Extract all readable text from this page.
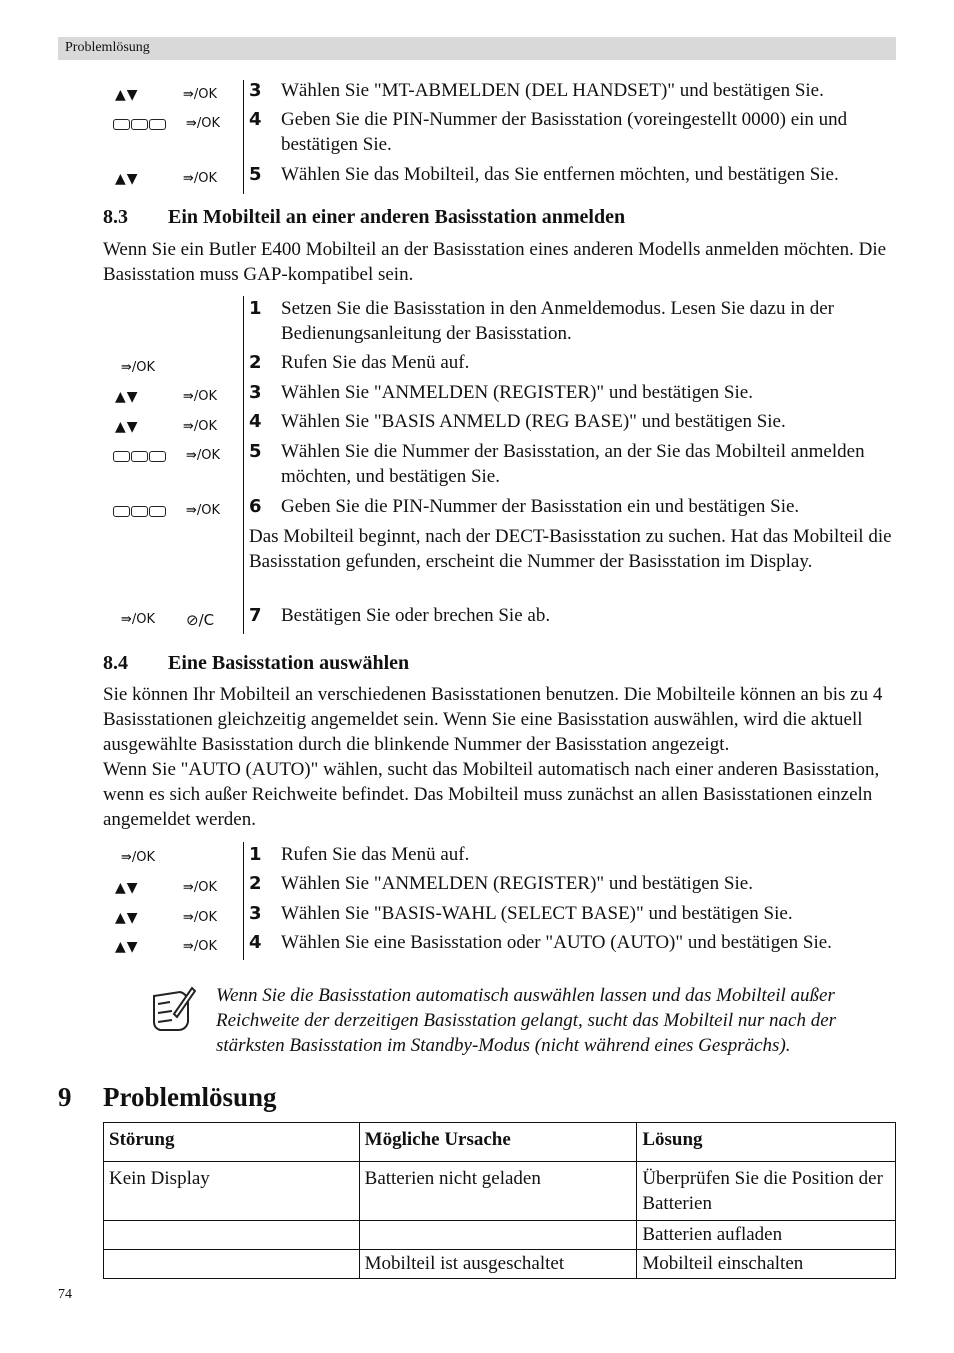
Problemlösung
▲▼	⇛/OK 3 Wählen Sie "MT-ABMELDEN (DEL HANDSET)" und bestätigen Sie.
⇛/OK 4 Geben Sie die PIN-Nummer der Basisstation (voreingestellt 0000) ein und bestätigen Sie.
▲▼	⇛/OK 5 Wählen Sie das Mobilteil, das Sie entfernen möchten, und bestätigen Sie.
8.3 Ein Mobilteil an einer anderen Basisstation anmelden
Wenn Sie ein Butler E400 Mobilteil an der Basisstation eines anderen Modells anmelden möchten. Die Basisstation muss GAP-kompatibel sein.
1 Setzen Sie die Basisstation in den Anmeldemodus. Lesen Sie dazu in der Bedienungsanleitung der Basisstation.
⇛/OK	2 Rufen Sie das Menü auf.
▲▼	⇛/OK 3 Wählen Sie "ANMELDEN (REGISTER)" und bestätigen Sie.
▲▼	⇛/OK 4 Wählen Sie "BASIS ANMELD (REG BASE)" und bestätigen Sie.
⇛/OK 5 Wählen Sie die Nummer der Basisstation, an der Sie das Mobilteil anmelden möchten, und bestätigen Sie.
⇛/OK 6 Geben Sie die PIN-Nummer der Basisstation ein und bestätigen Sie.
Das Mobilteil beginnt, nach der DECT-Basisstation zu suchen. Hat das Mobilteil die Basisstation gefunden, erscheint die Nummer der Basisstation im Display.
⇛/OK ⊘/C 7 Bestätigen Sie oder brechen Sie ab.
8.4 Eine Basisstation auswählen
Sie können Ihr Mobilteil an verschiedenen Basisstationen benutzen. Die Mobilteile können an bis zu 4 Basisstationen gleichzeitig angemeldet sein. Wenn Sie eine Basisstation auswählen, wird die aktuell ausgewählte Basisstation durch die blinkende Nummer der Basisstation angezeigt.
Wenn Sie "AUTO (AUTO)" wählen, sucht das Mobilteil automatisch nach einer anderen Basisstation, wenn es sich außer Reichweite befindet. Das Mobilteil muss zunächst an allen Basisstationen einzeln angemeldet werden.
⇛/OK	1 Rufen Sie das Menü auf.
▲▼	⇛/OK 2 Wählen Sie "ANMELDEN (REGISTER)" und bestätigen Sie.
▲▼	⇛/OK 3 Wählen Sie "BASIS-WAHL (SELECT BASE)" und bestätigen Sie.
▲▼	⇛/OK 4 Wählen Sie eine Basisstation oder "AUTO (AUTO)" und bestätigen Sie.
Wenn Sie die Basisstation automatisch auswählen lassen und das Mobilteil außer Reichweite der derzeitigen Basisstation gelangt, sucht das Mobilteil nur nach der stärksten Basisstation im Standby-Modus (nicht während eines Gesprächs).
9 Problemlösung
Störung	Mögliche Ursache	Lösung
Kein Display	Batterien nicht geladen	Überprüfen Sie die Position der Batterien
		Batterien aufladen
	Mobilteil ist ausgeschaltet	Mobilteil einschalten
74
